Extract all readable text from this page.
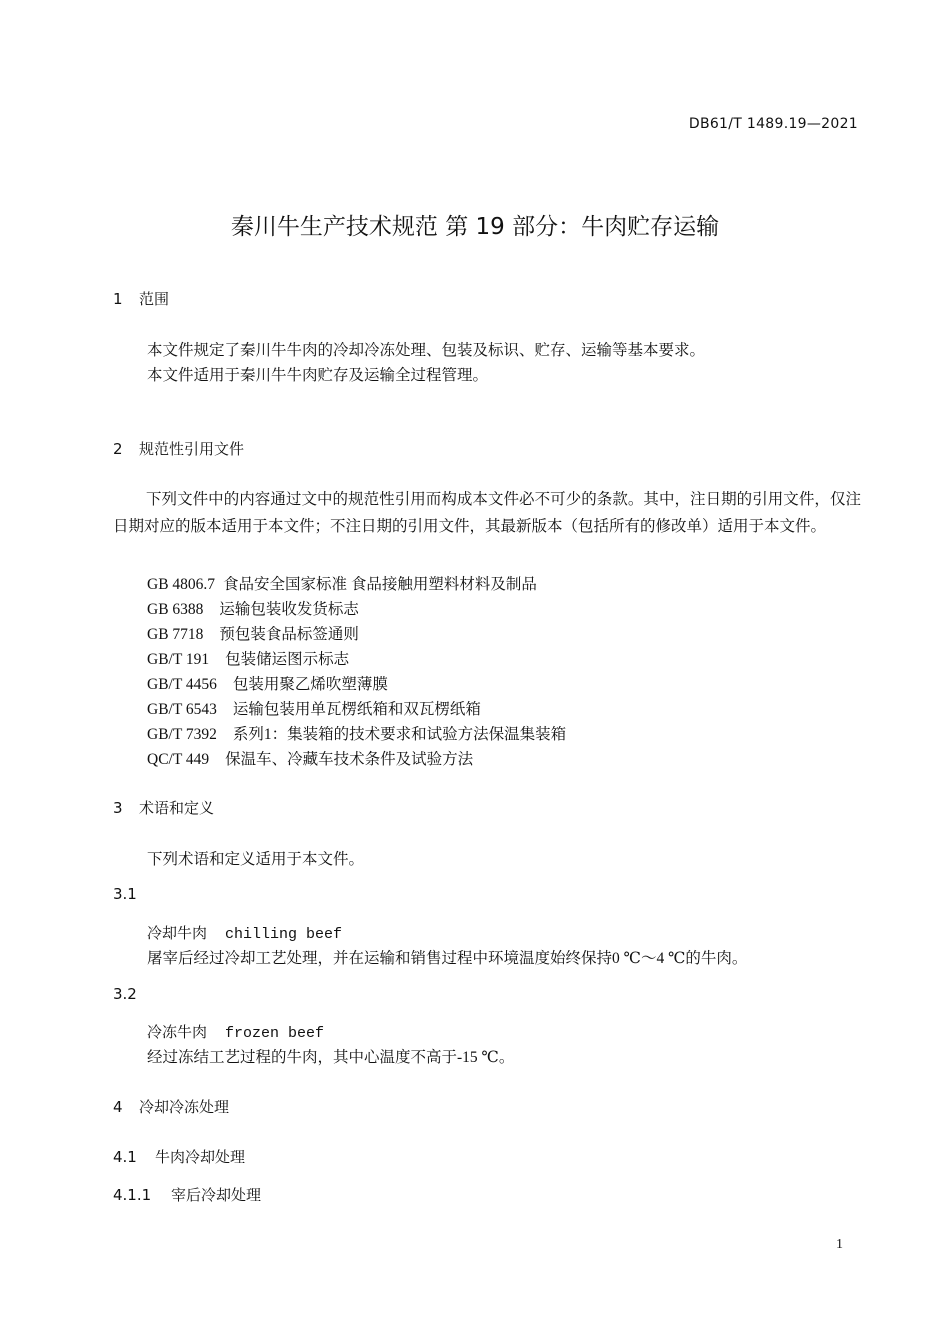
DB61/T 1489.19—2021
秦川牛生产技术规范 第 19 部分：牛肉贮存运输
1 范围
本文件规定了秦川牛牛肉的冷却冷冻处理、包装及标识、贮存、运输等基本要求。
本文件适用于秦川牛牛肉贮存及运输全过程管理。
2 规范性引用文件
下列文件中的内容通过文中的规范性引用而构成本文件必不可少的条款。其中，注日期的引用文件，仅注日期对应的版本适用于本文件；不注日期的引用文件，其最新版本（包括所有的修改单）适用于本文件。
GB 4806.7 食品安全国家标准 食品接触用塑料材料及制品
GB 6388 运输包装收发货标志
GB 7718 预包装食品标签通则
GB/T 191 包装储运图示标志
GB/T 4456 包装用聚乙烯吹塑薄膜
GB/T 6543 运输包装用单瓦楞纸箱和双瓦楞纸箱
GB/T 7392 系列1：集装箱的技术要求和试验方法保温集装箱
QC/T 449 保温车、冷藏车技术条件及试验方法
3 术语和定义
下列术语和定义适用于本文件。
3.1
冷却牛肉 chilling beef
屠宰后经过冷却工艺处理，并在运输和销售过程中环境温度始终保持0 ℃～4 ℃的牛肉。
3.2
冷冻牛肉 frozen beef
经过冻结工艺过程的牛肉，其中心温度不高于-15 ℃。
4 冷却冷冻处理
4.1 牛肉冷却处理
4.1.1 宰后冷却处理
1
